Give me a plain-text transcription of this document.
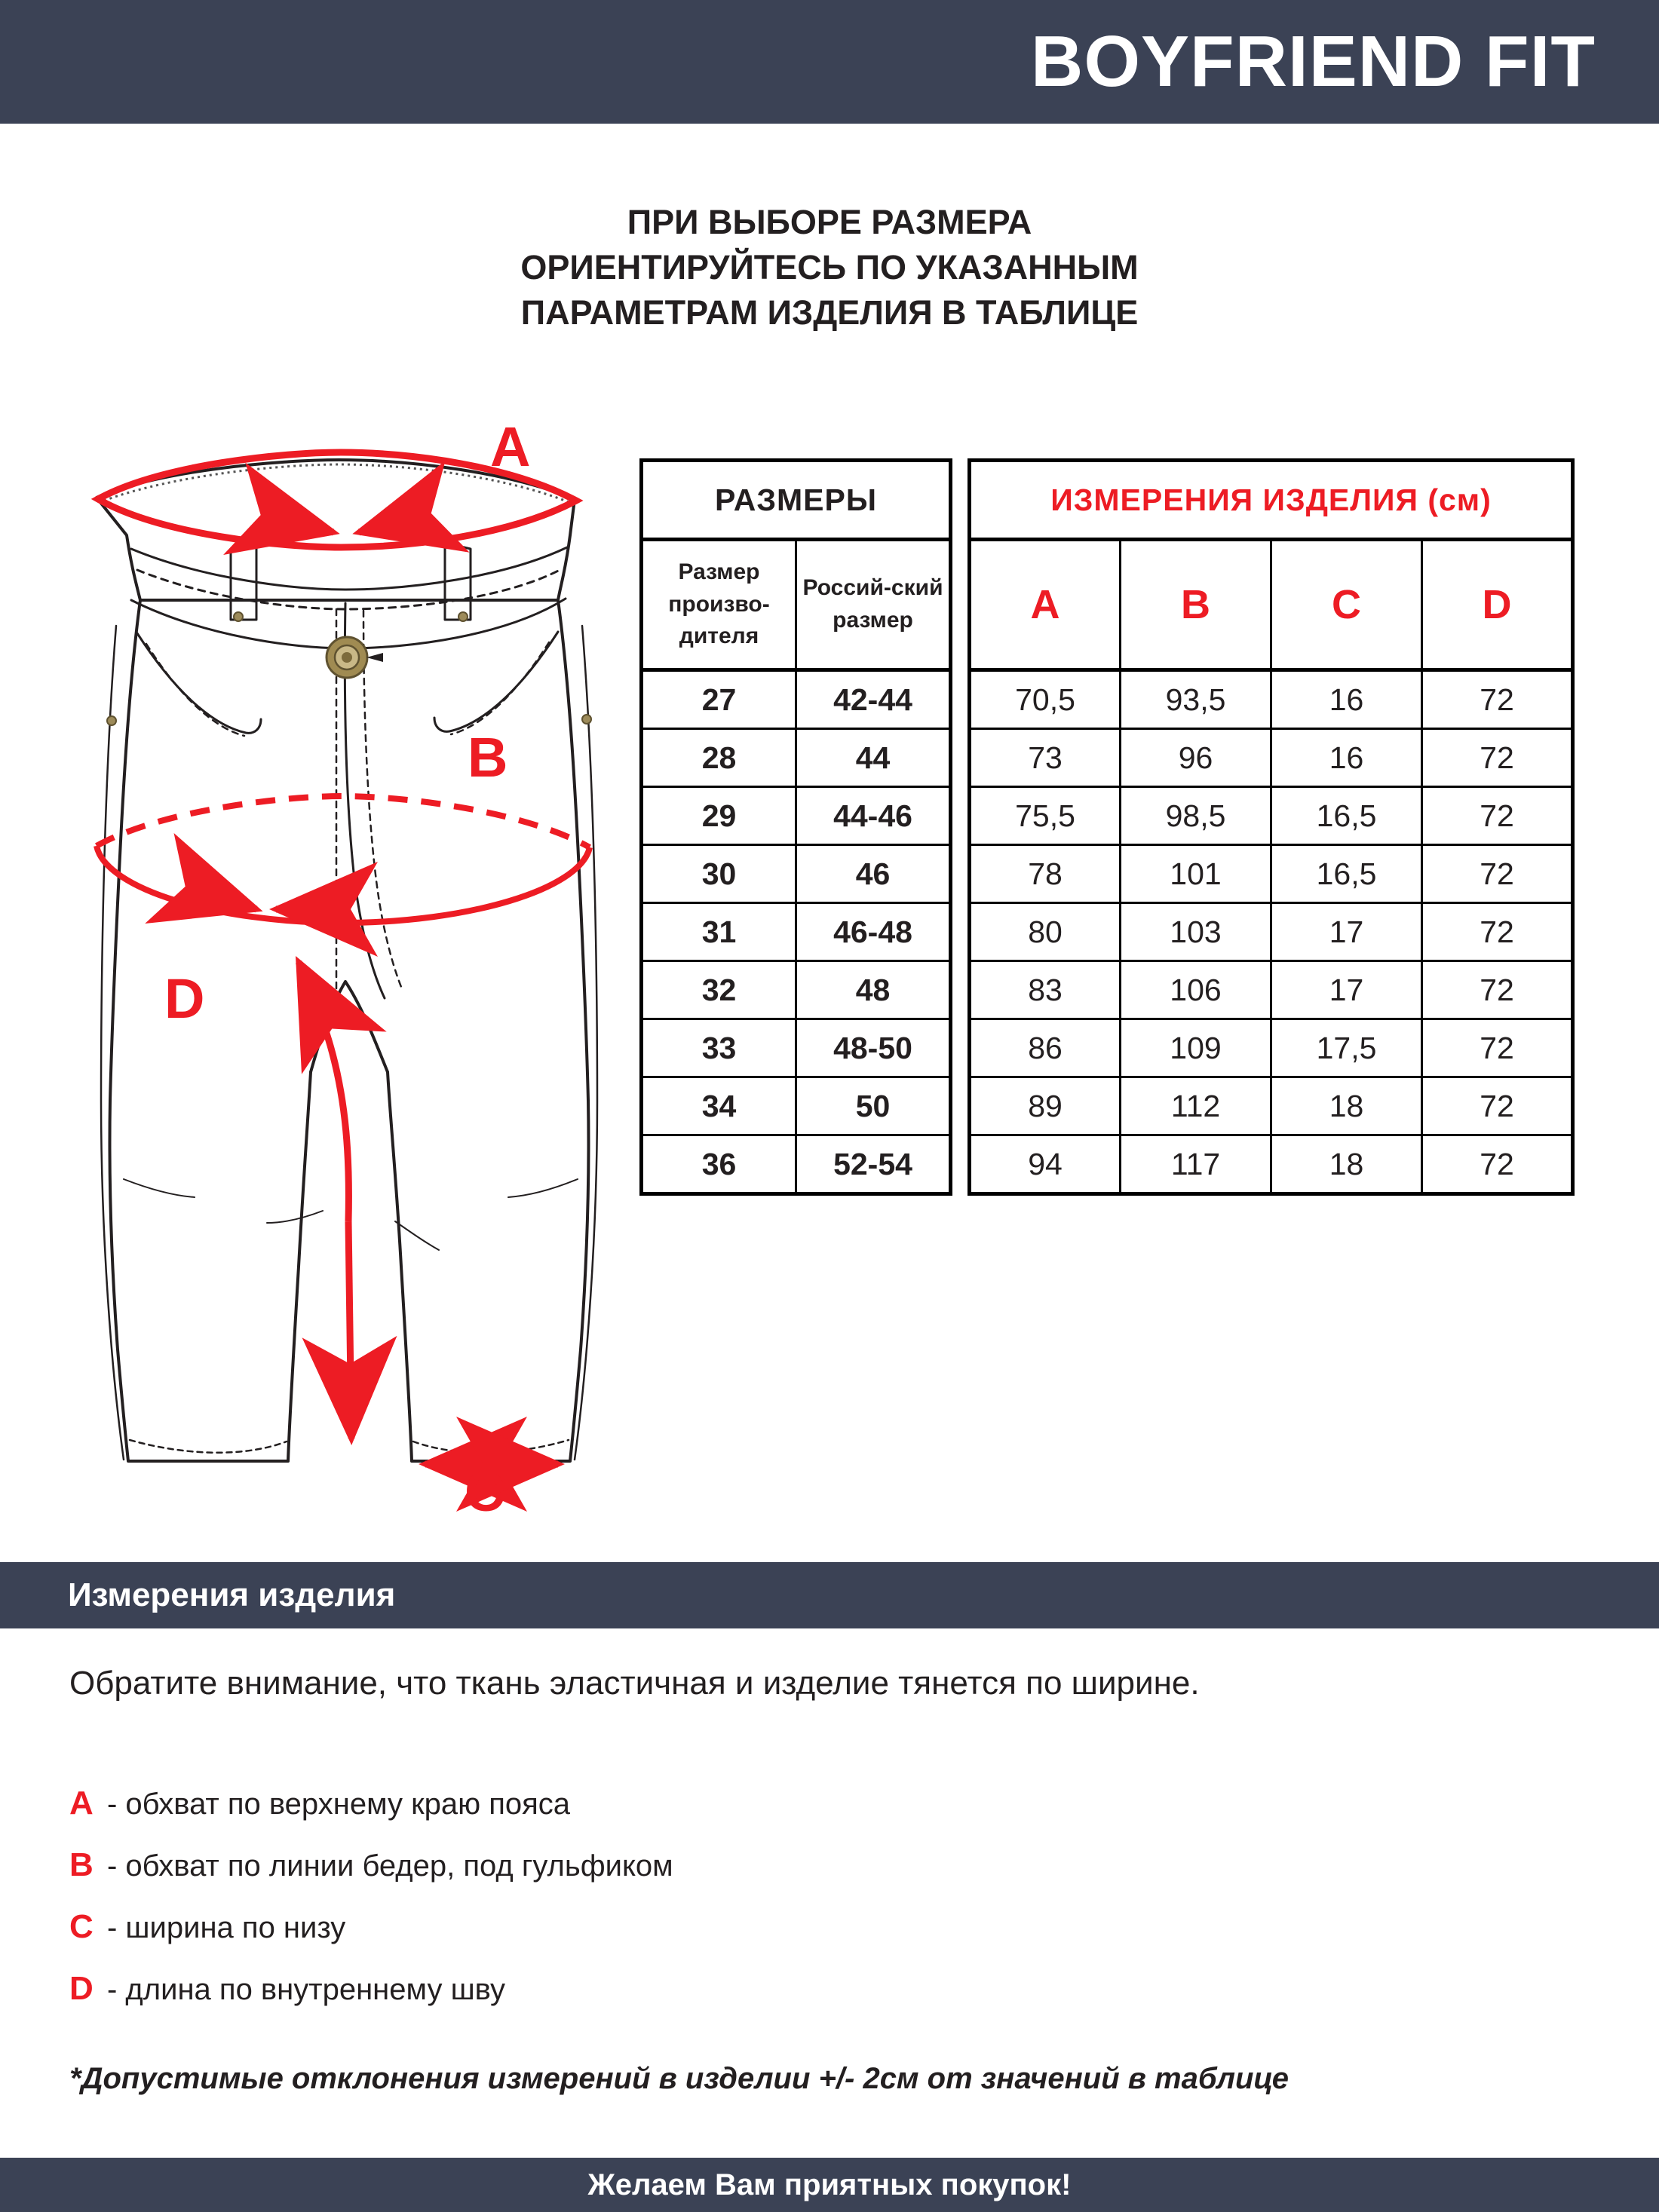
BOYFRIEND FIT
ПРИ ВЫБОРЕ РАЗМЕРА
ОРИЕНТИРУЙТЕСЬ ПО УКАЗАННЫМ
ПАРАМЕТРАМ ИЗДЕЛИЯ В ТАБЛИЦЕ
A
B
D
C
РАЗМЕРЫ	
Размер произво-дителя	Россий-ский размер
27	42-44
28	44
29	44-46
30	46
31	46-48
32	48
33	48-50
34	50
36	52-54
ИЗМЕРЕНИЯ ИЗДЕЛИЯ (см)			
A	B	C	D
70,5	93,5	16	72
73	96	16	72
75,5	98,5	16,5	72
78	101	16,5	72
80	103	17	72
83	106	17	72
86	109	17,5	72
89	112	18	72
94	117	18	72
Измерения изделия
Обратите внимание, что ткань эластичная и изделие тянется по ширине.
A - обхват по верхнему краю пояса
B - обхват по линии бедер, под гульфиком
C - ширина по низу
D - длина по внутреннему шву
*Допустимые отклонения измерений в изделии +/- 2см от значений в таблице
Желаем Вам приятных покупок!
